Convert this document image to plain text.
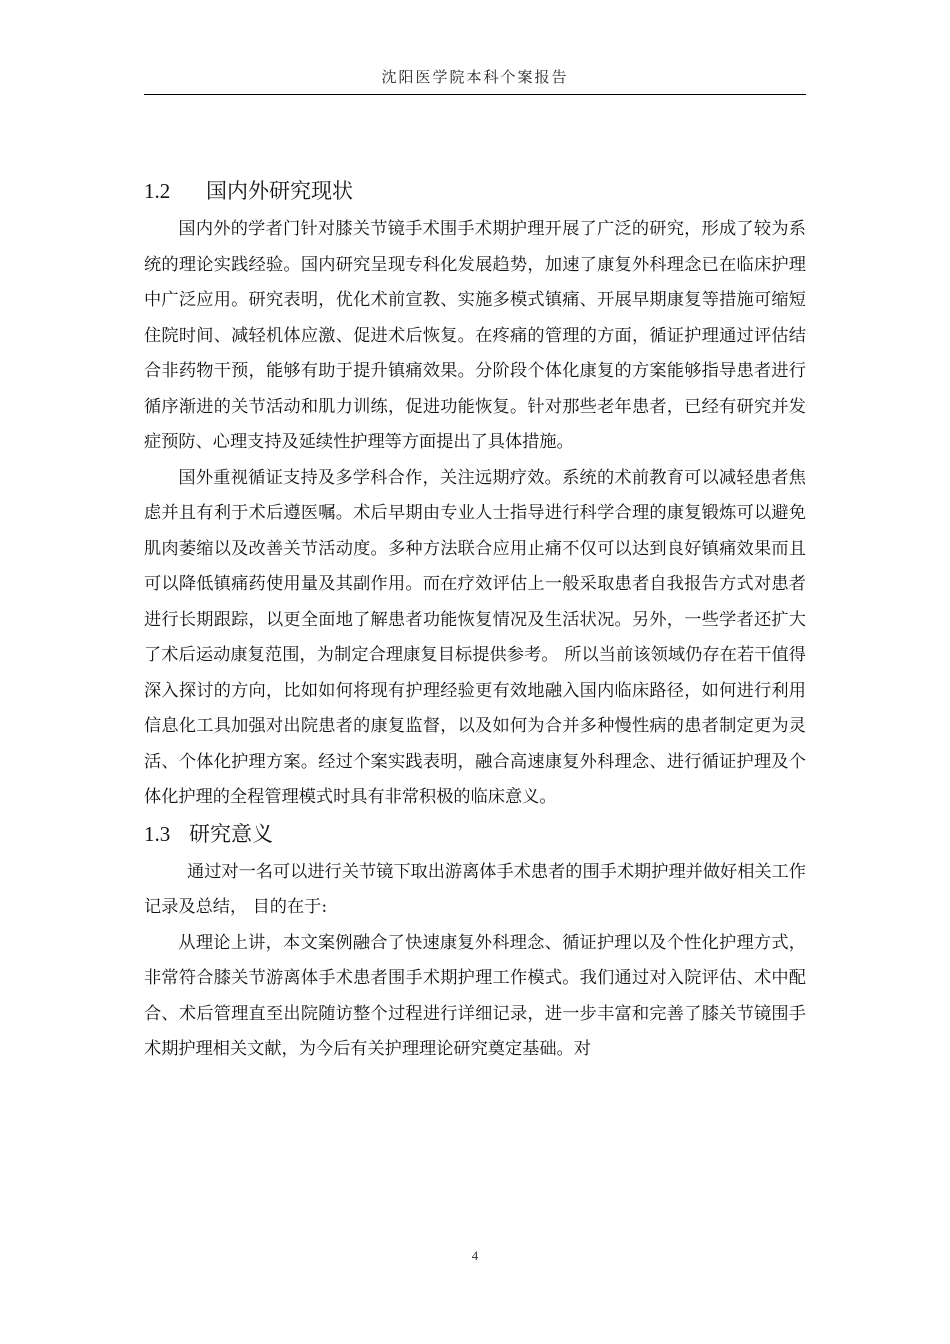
沈阳医学院本科个案报告
1.2 国内外研究现状

国内外的学者门针对膝关节镜手术围手术期护理开展了广泛的研究，形成了较为系统的理论实践经验。国内研究呈现专科化发展趋势，加速了康复外科理念已在临床护理中广泛应用。研究表明，优化术前宣教、实施多模式镇痛、开展早期康复等措施可缩短住院时间、减轻机体应激、促进术后恢复。在疼痛的管理的方面，循证护理通过评估结合非药物干预，能够有助于提升镇痛效果。分阶段个体化康复的方案能够指导患者进行循序渐进的关节活动和肌力训练，促进功能恢复。针对那些老年患者，已经有研究并发症预防、心理支持及延续性护理等方面提出了具体措施。

国外重视循证支持及多学科合作，关注远期疗效。系统的术前教育可以减轻患者焦虑并且有利于术后遵医嘱。术后早期由专业人士指导进行科学合理的康复锻炼可以避免肌肉萎缩以及改善关节活动度。多种方法联合应用止痛不仅可以达到良好镇痛效果而且可以降低镇痛药使用量及其副作用。而在疗效评估上一般采取患者自我报告方式对患者进行长期跟踪，以更全面地了解患者功能恢复情况及生活状况。另外，一些学者还扩大了术后运动康复范围，为制定合理康复目标提供参考。 所以当前该领域仍存在若干值得深入探讨的方向，比如如何将现有护理经验更有效地融入国内临床路径，如何进行利用信息化工具加强对出院患者的康复监督，以及如何为合并多种慢性病的患者制定更为灵活、个体化护理方案。经过个案实践表明，融合高速康复外科理念、进行循证护理及个体化护理的全程管理模式时具有非常积极的临床意义。

1.3 研究意义

通过对一名可以进行关节镜下取出游离体手术患者的围手术期护理并做好相关工作记录及总结， 目的在于:

从理论上讲，本文案例融合了快速康复外科理念、循证护理以及个性化护理方式，非常符合膝关节游离体手术患者围手术期护理工作模式。我们通过对入院评估、术中配合、术后管理直至出院随访整个过程进行详细记录，进一步丰富和完善了膝关节镜围手术期护理相关文献，为今后有关护理理论研究奠定基础。对

4
